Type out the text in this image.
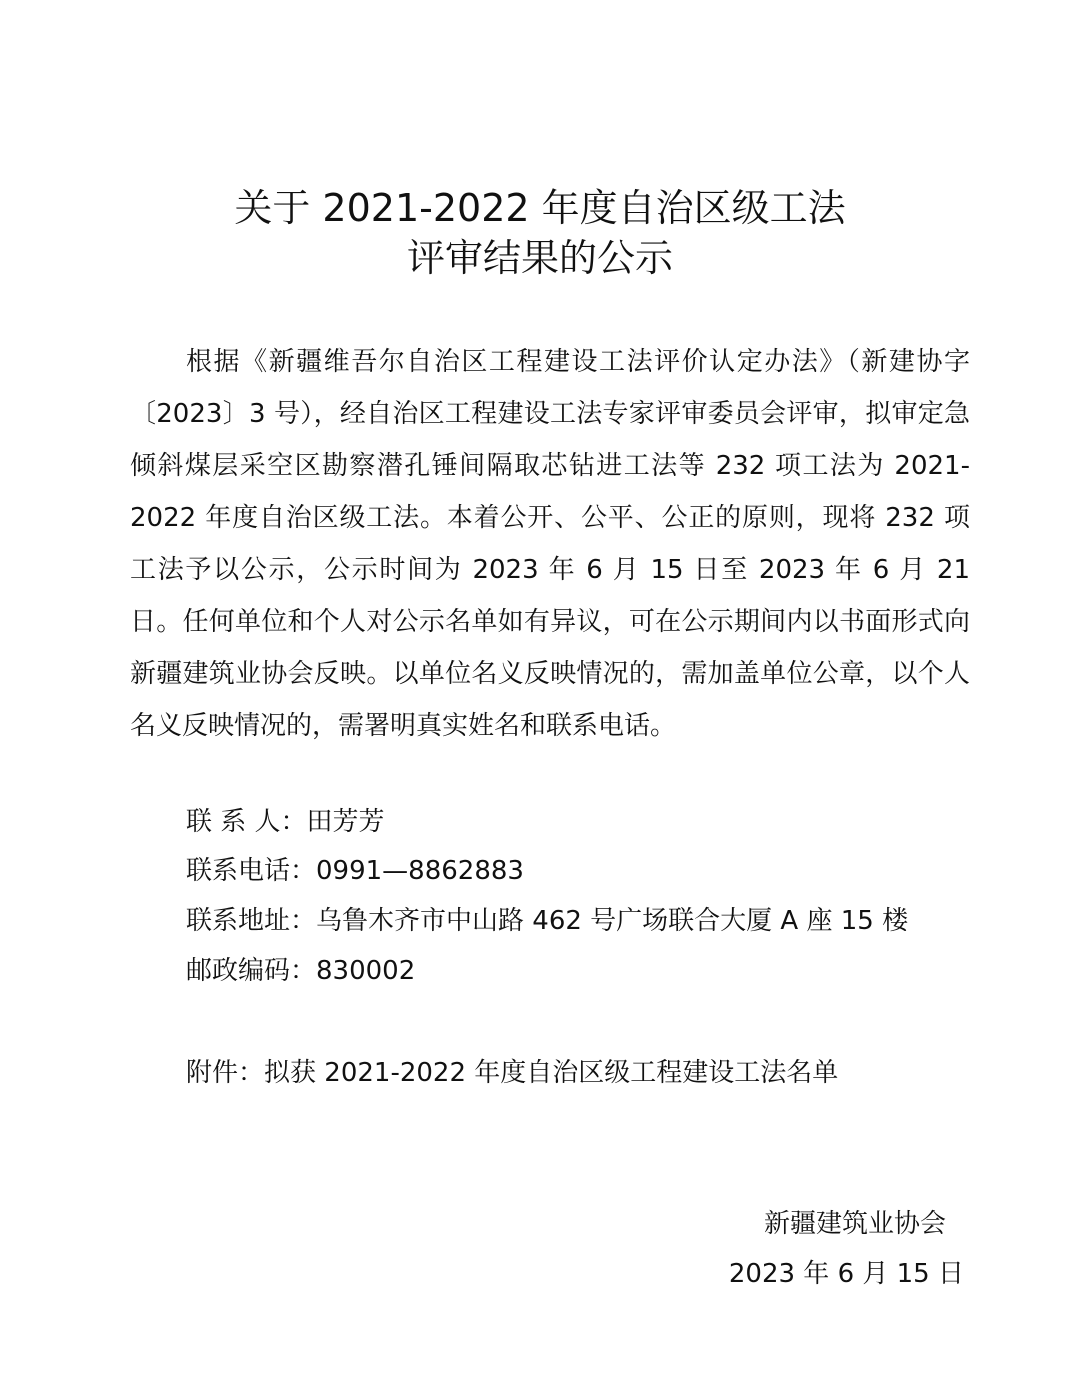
关于 2021-2022 年度自治区级工法
评审结果的公示

根据《新疆维吾尔自治区工程建设工法评价认定办法》（新建协字〔2023〕3 号），经自治区工程建设工法专家评审委员会评审，拟审定急倾斜煤层采空区勘察潜孔锤间隔取芯钻进工法等 232 项工法为 2021-2022 年度自治区级工法。本着公开、公平、公正的原则，现将 232 项工法予以公示，公示时间为 2023 年 6 月 15 日至 2023 年 6 月 21 日。任何单位和个人对公示名单如有异议，可在公示期间内以书面形式向新疆建筑业协会反映。以单位名义反映情况的，需加盖单位公章，以个人名义反映情况的，需署明真实姓名和联系电话。

联 系 人：田芳芳
联系电话：0991—8862883
联系地址：乌鲁木齐市中山路 462 号广场联合大厦 A 座 15 楼
邮政编码：830002
附件：拟获 2021-2022 年度自治区级工程建设工法名单
新疆建筑业协会
2023 年 6 月 15 日
